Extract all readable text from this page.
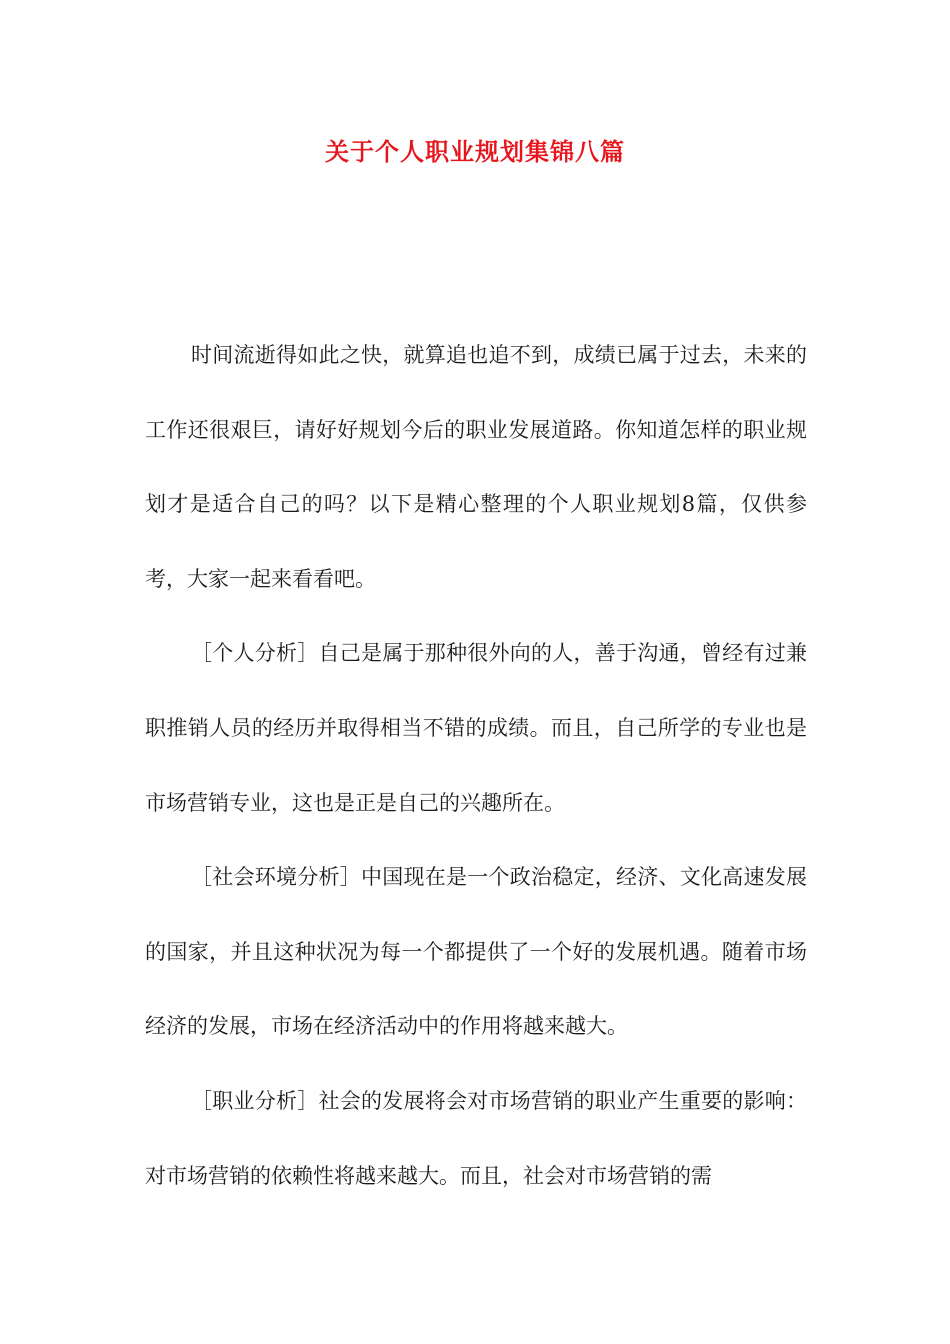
关于个人职业规划集锦八篇

时间流逝得如此之快，就算追也追不到，成绩已属于过去，未来的工作还很艰巨，请好好规划今后的职业发展道路。你知道怎样的职业规划才是适合自己的吗？以下是精心整理的个人职业规划8篇，仅供参考，大家一起来看看吧。

［个人分析］自己是属于那种很外向的人，善于沟通，曾经有过兼职推销人员的经历并取得相当不错的成绩。而且，自己所学的专业也是市场营销专业，这也是正是自己的兴趣所在。

［社会环境分析］中国现在是一个政治稳定，经济、文化高速发展的国家，并且这种状况为每一个都提供了一个好的发展机遇。随着市场经济的发展，市场在经济活动中的作用将越来越大。

［职业分析］社会的发展将会对市场营销的职业产生重要的影响：对市场营销的依赖性将越来越大。而且，社会对市场营销的需
